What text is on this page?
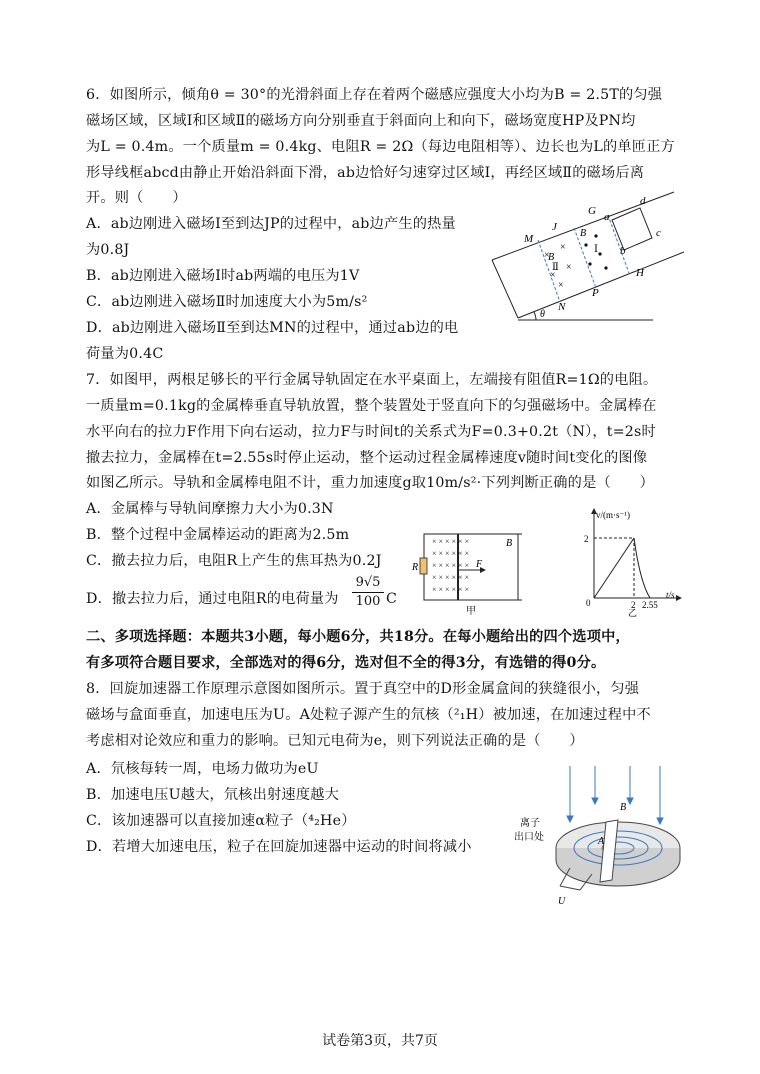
6．如图所示，倾角θ = 30°的光滑斜面上存在着两个磁感应强度大小均为B = 2.5T的匀强
磁场区域，区域Ⅰ和区域Ⅱ的磁场方向分别垂直于斜面向上和向下，磁场宽度HP及PN均
为L = 0.4m。一个质量m = 0.4kg、电阻R = 2Ω（每边电阻相等）、边长也为L的单匝正方
形导线框abcd由静止开始沿斜面下滑，ab边恰好匀速穿过区域Ⅰ，再经区域Ⅱ的磁场后离
开。则（　　）
A．ab边刚进入磁场Ⅰ至到达JP的过程中，ab边产生的热量
为0.8J
B．ab边刚进入磁场Ⅰ时ab两端的电压为1V
C．ab边刚进入磁场Ⅱ时加速度大小为5m/s²
D．ab边刚进入磁场Ⅱ至到达MN的过程中，通过ab边的电
荷量为0.4C
×
×
×
×
×
M
J
G a
d
c
b
H
P
N
B
B
Ⅰ
Ⅱ
θ
7．如图甲，两根足够长的平行金属导轨固定在水平桌面上，左端接有阻值R=1Ω的电阻。
一质量m=0.1kg的金属棒垂直导轨放置，整个装置处于竖直向下的匀强磁场中。金属棒在
水平向右的拉力F作用下向右运动，拉力F与时间t的关系式为F=0.3+0.2t（N），t=2s时
撤去拉力，金属棒在t=2.55s时停止运动，整个运动过程金属棒速度v随时间t变化的图像
如图乙所示。导轨和金属棒电阻不计，重力加速度g取10m/s²·下列判断正确的是（　　）
A．金属棒与导轨间摩擦力大小为0.3N
B．整个过程中金属棒运动的距离为2.5m
C．撤去拉力后，电阻R上产生的焦耳热为0.2J
D．撤去拉力后，通过电阻R的电荷量为 $\frac{9√5}{100}$ C
× × × × × ×
× × × × × ×
× × × × × ×
× × × × × ×
× × × × × ×
R
B
F
甲
v/(m·s⁻¹)
t/s
2
0	2 2.55
乙
二、多项选择题：本题共3小题，每小题6分，共18分。在每小题给出的四个选项中，
有多项符合题目要求，全部选对的得6分，选对但不全的得3分，有选错的得0分。
8．回旋加速器工作原理示意图如图所示。置于真空中的D形金属盒间的狭缝很小，匀强
磁场与盒面垂直，加速电压为U。A处粒子源产生的氘核（²₁H）被加速，在加速过程中不
考虑相对论效应和重力的影响。已知元电荷为e，则下列说法正确的是（　　）
A．氘核每转一周，电场力做功为eU
B．加速电压U越大，氘核出射速度越大
C．该加速器可以直接加速α粒子（⁴₂He）
D．若增大加速电压，粒子在回旋加速器中运动的时间将减小
离子
出口处	A
B
U
试卷第3页，共7页
